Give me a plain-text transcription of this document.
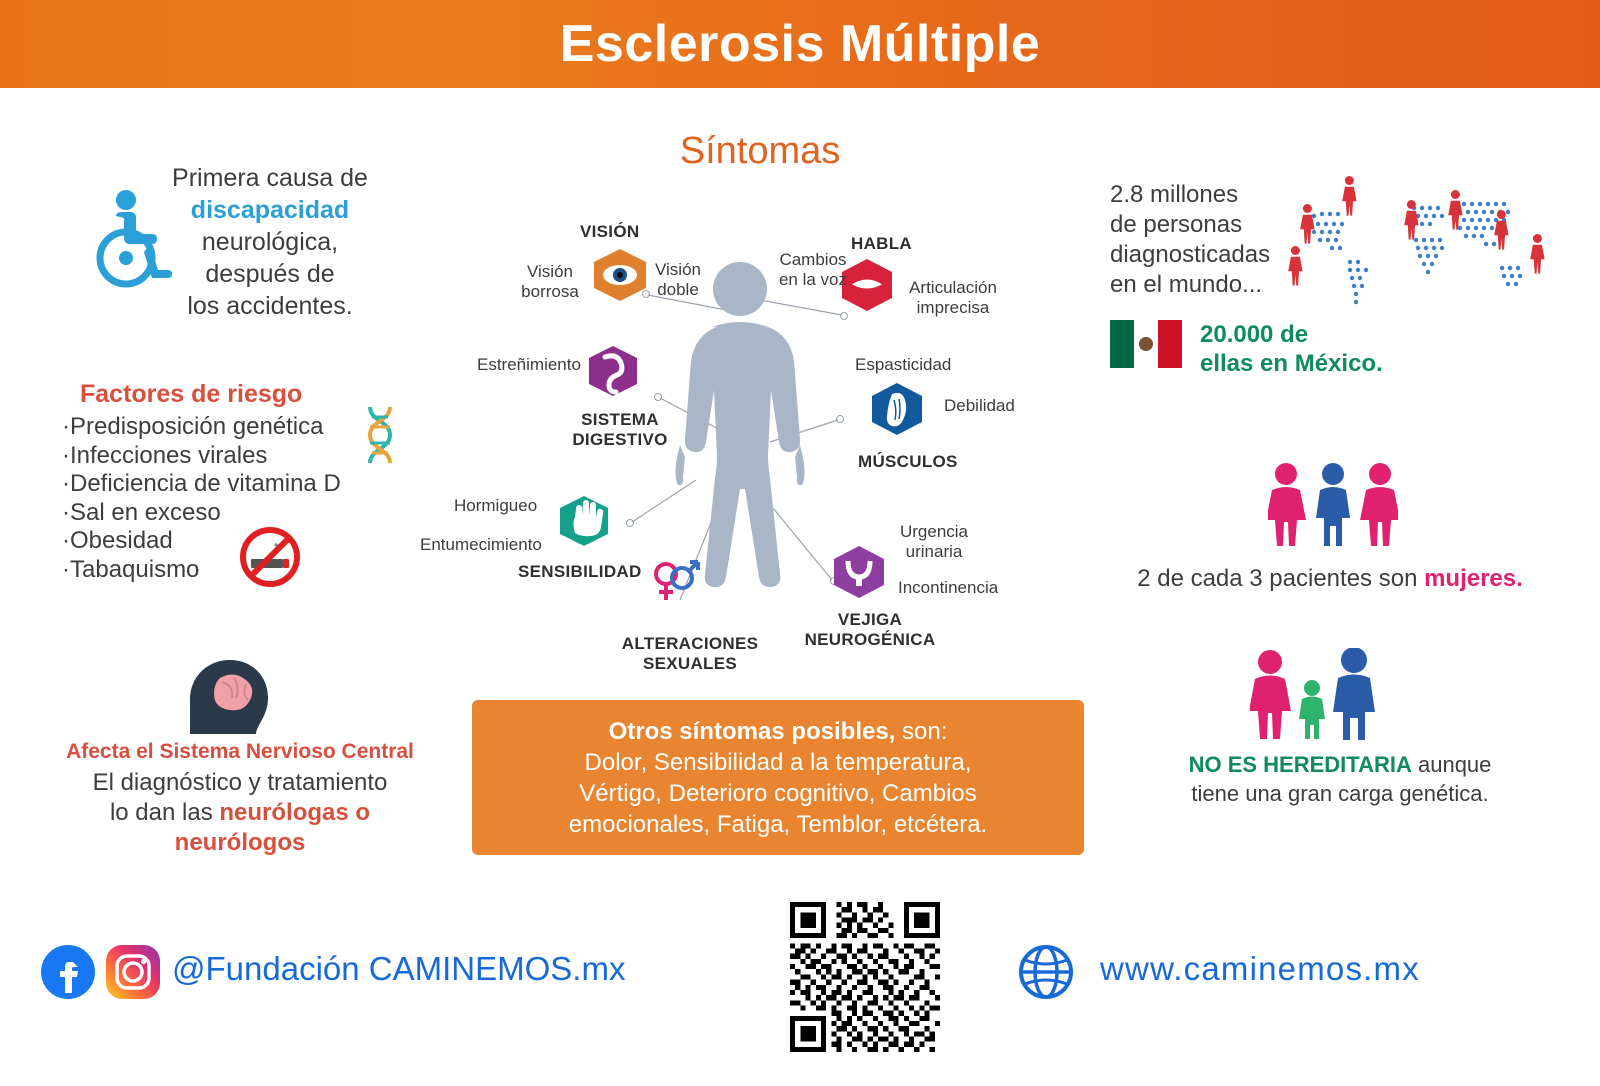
Esclerosis Múltiple
Primera causa de
discapacidad
neurológica,
después de
los accidentes.
Factores de riesgo
·Predisposición genética
·Infecciones virales
·Deficiencia de vitamina D
·Sal en exceso
·Obesidad
·Tabaquismo
Afecta el Sistema Nervioso Central
El diagnóstico y tratamiento
lo dan las neurólogas o
neurólogos
Síntomas
VISIÓN
Visión
borrosa
Visión
doble
HABLA
Cambios
en la voz	Articulación
imprecisa
Estreñimiento
SISTEMA
DIGESTIVO
Espasticidad
Debilidad
MÚSCULOS
Hormigueo
Entumecimiento
SENSIBILIDAD
Urgencia
urinaria
Incontinencia
VEJIGA
NEUROGÉNICA
ALTERACIONES
SEXUALES

Otros síntomas posibles, son:
Dolor, Sensibilidad a la temperatura,
Vértigo, Deterioro cognitivo, Cambios
emocionales, Fatiga, Temblor, etcétera.

2.8 millones
de personas
diagnosticadas
en el mundo...
20.000 de
ellas en México.
2 de cada 3 pacientes son mujeres.
NO ES HEREDITARIA aunque
tiene una gran carga genética.
@Fundación CAMINEMOS.mx	www.caminemos.mx
